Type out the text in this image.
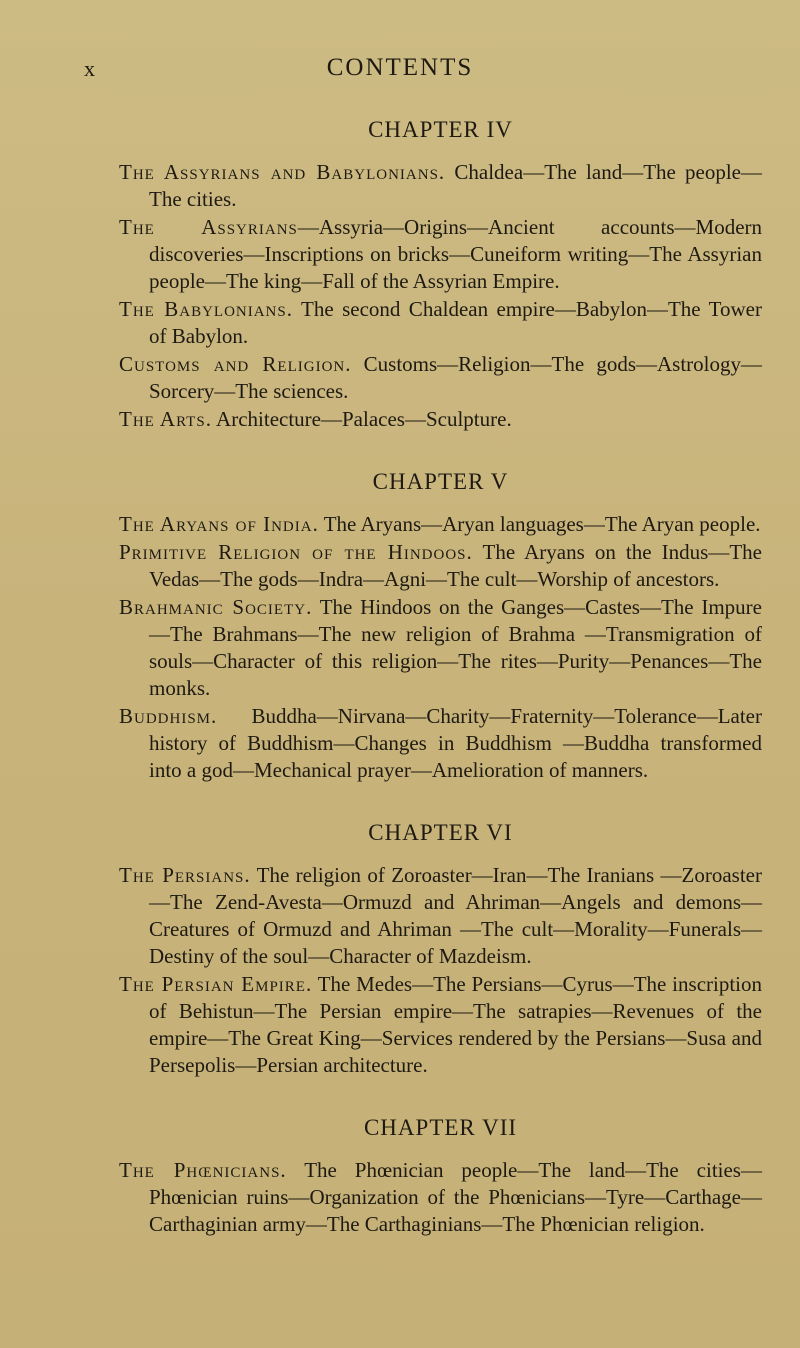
x	CONTENTS
CHAPTER IV

The Assyrians and Babylonians. Chaldea—The land—The people—The cities.

The Assyrians—Assyria—Origins—Ancient accounts—Modern discoveries—Inscriptions on bricks—Cuneiform writing—The Assyrian people—The king—Fall of the Assyrian Empire.

The Babylonians. The second Chaldean empire—Babylon—The Tower of Babylon.

Customs and Religion. Customs—Religion—The gods—Astrology—Sorcery—The sciences.

The Arts. Architecture—Palaces—Sculpture.

CHAPTER V

The Aryans of India. The Aryans—Aryan languages—The Aryan people.

Primitive Religion of the Hindoos. The Aryans on the Indus—The Vedas—The gods—Indra—Agni—The cult—Worship of ancestors.

Brahmanic Society. The Hindoos on the Ganges—Castes—The Impure—The Brahmans—The new religion of Brahma —Transmigration of souls—Character of this religion—The rites—Purity—Penances—The monks.

Buddhism. Buddha—Nirvana—Charity—Fraternity—Tolerance—Later history of Buddhism—Changes in Buddhism —Buddha transformed into a god—Mechanical prayer—Amelioration of manners.

CHAPTER VI

The Persians. The religion of Zoroaster—Iran—The Iranians —Zoroaster—The Zend-Avesta—Ormuzd and Ahriman—Angels and demons—Creatures of Ormuzd and Ahriman —The cult—Morality—Funerals—Destiny of the soul—Character of Mazdeism.

The Persian Empire. The Medes—The Persians—Cyrus—The inscription of Behistun—The Persian empire—The satrapies—Revenues of the empire—The Great King—Services rendered by the Persians—Susa and Persepolis—Persian architecture.

CHAPTER VII

The Phœnicians. The Phœnician people—The land—The cities—Phœnician ruins—Organization of the Phœnicians—Tyre—Carthage—Carthaginian army—The Carthaginians—The Phœnician religion.
